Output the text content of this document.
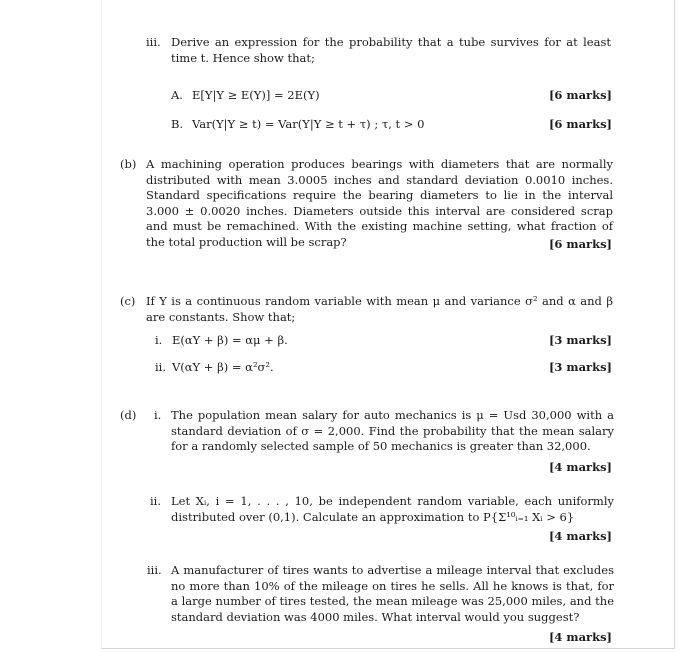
iii. Derive an expression for the probability that a tube survives for at least time t. Hence show that;
A. E[Y|Y ≥ E(Y)] = 2E(Y)	[6 marks]
B. Var(Y|Y ≥ t) = Var(Y|Y ≥ t + τ) ; τ, t > 0	[6 marks]
(b) A machining operation produces bearings with diameters that are normally distributed with mean 3.0005 inches and standard deviation 0.0010 inches. Standard specifications require the bearing diameters to lie in the interval 3.000 ± 0.0020 inches. Diameters outside this interval are considered scrap and must be remachined. With the existing machine setting, what fraction of the total production will be scrap?	[6 marks]
(c) If Y is a continuous random variable with mean μ and variance σ² and α and β are constants. Show that;
i. E(αY + β) = αμ + β.	[3 marks]
ii. V(αY + β) = α²σ².	[3 marks]
(d) i. The population mean salary for auto mechanics is μ = Usd 30,000 with a standard deviation of σ = 2,000. Find the probability that the mean salary for a randomly selected sample of 50 mechanics is greater than 32,000.
[4 marks]
ii. Let Xᵢ, i = 1, . . . , 10, be independent random variable, each uniformly distributed over (0,1). Calculate an approximation to P{Σ¹⁰ᵢ₌₁ Xᵢ > 6}
[4 marks]
iii. A manufacturer of tires wants to advertise a mileage interval that excludes no more than 10% of the mileage on tires he sells. All he knows is that, for a large number of tires tested, the mean mileage was 25,000 miles, and the standard deviation was 4000 miles. What interval would you suggest?
[4 marks]
